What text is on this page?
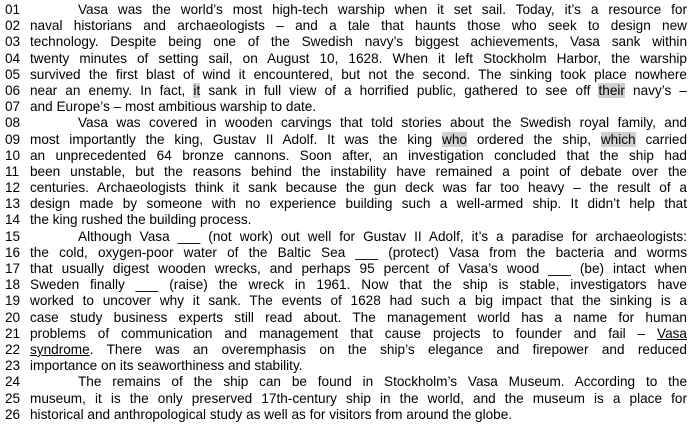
01	Vasa was the world’s most high-tech warship when it set sail. Today, it’s a resource for
02 naval historians and archaeologists – and a tale that haunts those who seek to design new
03 technology. Despite being one of the Swedish navy’s biggest achievements, Vasa sank within
04 twenty minutes of setting sail, on August 10, 1628. When it left Stockholm Harbor, the warship
05 survived the first blast of wind it encountered, but not the second. The sinking took place nowhere
06 near an enemy. In fact, it sank in full view of a horrified public, gathered to see off their navy’s –
07 and Europe’s – most ambitious warship to date.
08	Vasa was covered in wooden carvings that told stories about the Swedish royal family, and
09 most importantly the king, Gustav II Adolf. It was the king who ordered the ship, which carried
10 an unprecedented 64 bronze cannons. Soon after, an investigation concluded that the ship had
11 been unstable, but the reasons behind the instability have remained a point of debate over the
12 centuries. Archaeologists think it sank because the gun deck was far too heavy – the result of a
13 design made by someone with no experience building such a well-armed ship. It didn’t help that
14 the king rushed the building process.
15	Although Vasa ___ (not work) out well for Gustav II Adolf, it’s a paradise for archaeologists:
16 the cold, oxygen-poor water of the Baltic Sea ___ (protect) Vasa from the bacteria and worms
17 that usually digest wooden wrecks, and perhaps 95 percent of Vasa’s wood ___ (be) intact when
18 Sweden finally ___ (raise) the wreck in 1961. Now that the ship is stable, investigators have
19 worked to uncover why it sank. The events of 1628 had such a big impact that the sinking is a
20 case study business experts still read about. The management world has a name for human
21 problems of communication and management that cause projects to founder and fail – Vasa
22 syndrome. There was an overemphasis on the ship’s elegance and firepower and reduced
23 importance on its seaworthiness and stability.
24	The remains of the ship can be found in Stockholm’s Vasa Museum. According to the
25 museum, it is the only preserved 17th-century ship in the world, and the museum is a place for
26 historical and anthropological study as well as for visitors from around the globe.
